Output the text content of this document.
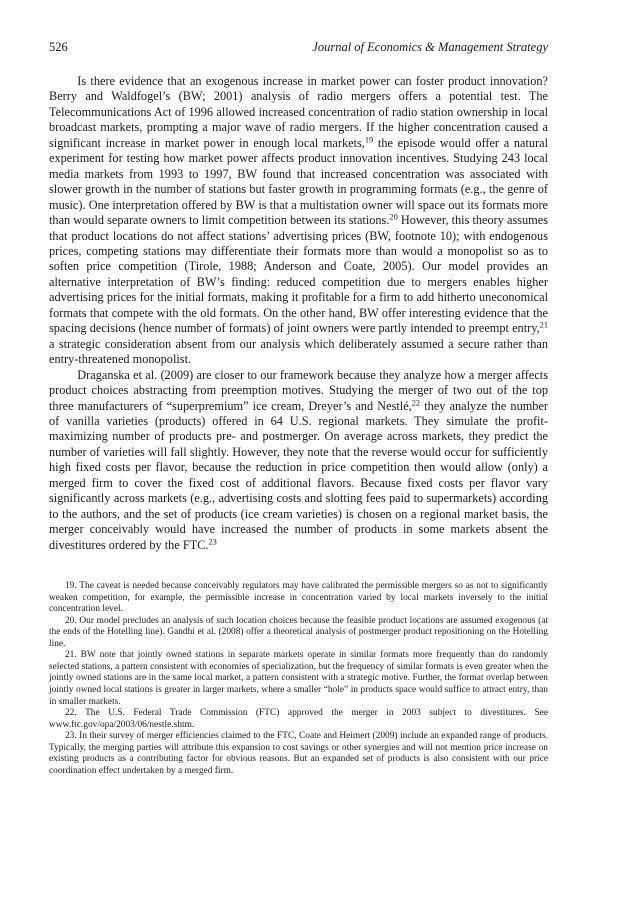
526	Journal of Economics & Management Strategy

Is there evidence that an exogenous increase in market power can foster product innovation? Berry and Waldfogel’s (BW; 2001) analysis of radio mergers offers a potential test. The Telecommunications Act of 1996 allowed increased concentration of radio station ownership in local broadcast markets, prompting a major wave of radio mergers. If the higher concentration caused a significant increase in market power in enough local markets,$^{19}$ the episode would offer a natural experiment for testing how market power affects product innovation incentives. Studying 243 local media markets from 1993 to 1997, BW found that increased concentration was associated with slower growth in the number of stations but faster growth in programming formats (e.g., the genre of music). One interpretation offered by BW is that a multistation owner will space out its formats more than would separate owners to limit competition between its stations.$^{20}$ However, this theory assumes that product locations do not affect stations’ advertising prices (BW, footnote 10); with endogenous prices, competing stations may differentiate their formats more than would a monopolist so as to soften price competition (Tirole, 1988; Anderson and Coate, 2005). Our model provides an alternative interpretation of BW’s finding: reduced competition due to mergers enables higher advertising prices for the initial formats, making it profitable for a firm to add hitherto uneconomical formats that compete with the old formats. On the other hand, BW offer interesting evidence that the spacing decisions (hence number of formats) of joint owners were partly intended to preempt entry,$^{21}$ a strategic consideration absent from our analysis which deliberately assumed a secure rather than entry-threatened monopolist.

Draganska et al. (2009) are closer to our framework because they analyze how a merger affects product choices abstracting from preemption motives. Studying the merger of two out of the top three manufacturers of “superpremium” ice cream, Dreyer’s and Nestlé,$^{22}$ they analyze the number of vanilla varieties (products) offered in 64 U.S. regional markets. They simulate the profit-maximizing number of products pre- and postmerger. On average across markets, they predict the number of varieties will fall slightly. However, they note that the reverse would occur for sufficiently high fixed costs per flavor, because the reduction in price competition then would allow (only) a merged firm to cover the fixed cost of additional flavors. Because fixed costs per flavor vary significantly across markets (e.g., advertising costs and slotting fees paid to supermarkets) according to the authors, and the set of products (ice cream varieties) is chosen on a regional market basis, the merger conceivably would have increased the number of products in some markets absent the divestitures ordered by the FTC.$^{23}$

19. The caveat is needed because conceivably regulators may have calibrated the permissible mergers so as not to significantly weaken competition, for example, the permissible increase in concentration varied by local markets inversely to the initial concentration level.

20. Our model precludes an analysis of such location choices because the feasible product locations are assumed exogenous (at the ends of the Hotelling line). Gandhi et al. (2008) offer a theoretical analysis of postmerger product repositioning on the Hotelling line.

21. BW note that jointly owned stations in separate markets operate in similar formats more frequently than do randomly selected stations, a pattern consistent with economies of specialization, but the frequency of similar formats is even greater when the jointly owned stations are in the same local market, a pattern consistent with a strategic motive. Further, the format overlap between jointly owned local stations is greater in larger markets, where a smaller “hole” in products space would suffice to attract entry, than in smaller markets.

22. The U.S. Federal Trade Commission (FTC) approved the merger in 2003 subject to divestitures. See www.ftc.gov/opa/2003/06/nestle.shtm.

23. In their survey of merger efficiencies claimed to the FTC, Coate and Heimert (2009) include an expanded range of products. Typically, the merging parties will attribute this expansion to cost savings or other synergies and will not mention price increase on existing products as a contributing factor for obvious reasons. But an expanded set of products is also consistent with our price coordination effect undertaken by a merged firm.
